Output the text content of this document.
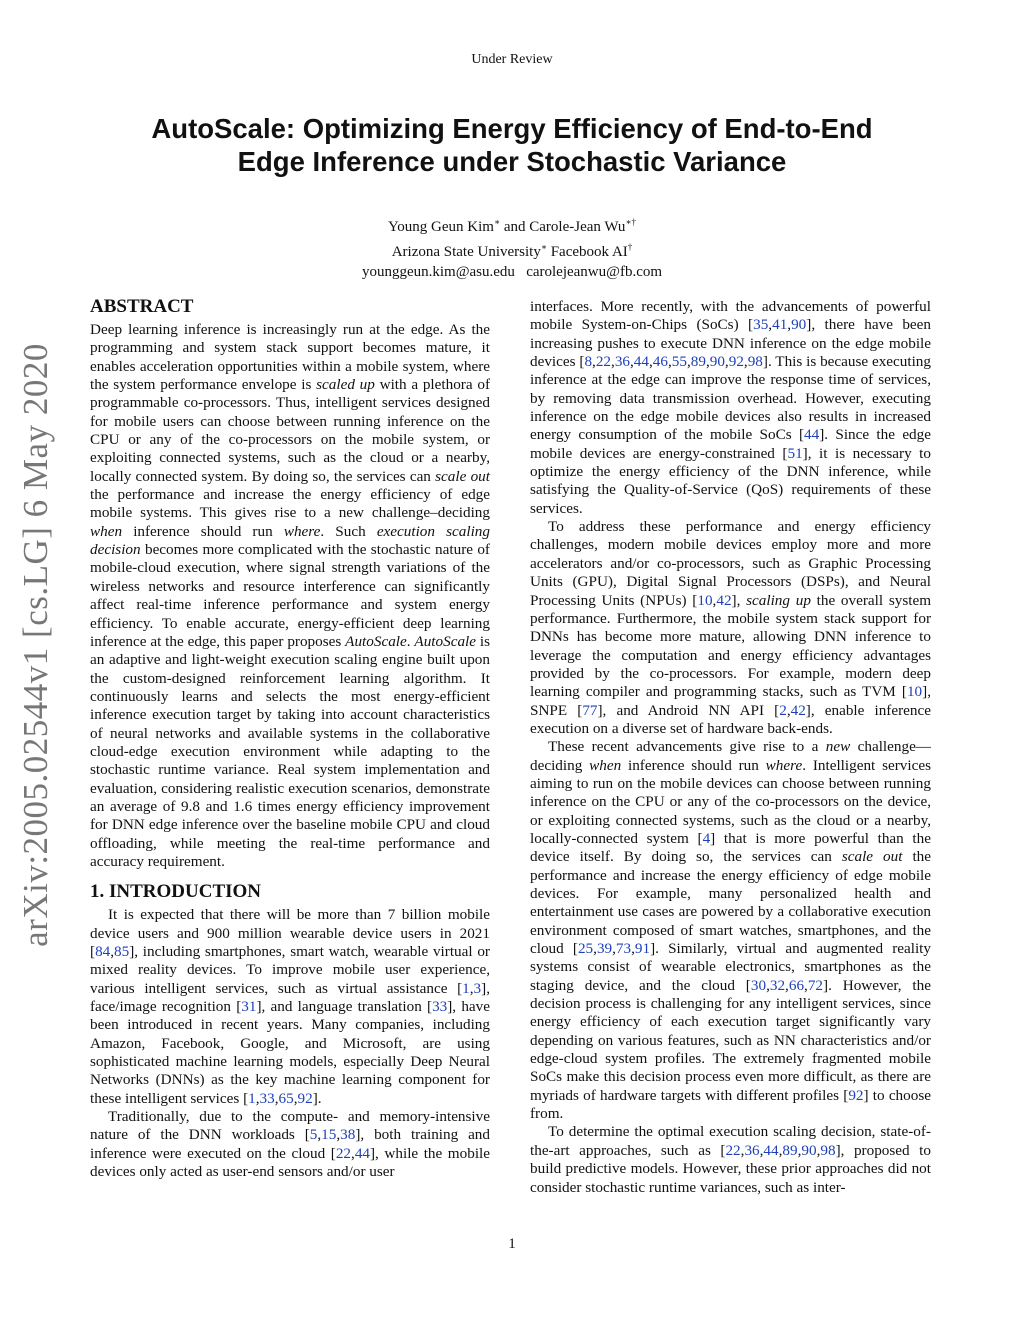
Under Review
AutoScale: Optimizing Energy Efficiency of End-to-End
Edge Inference under Stochastic Variance
Young Geun Kim∗ and Carole-Jean Wu∗†
Arizona State University∗ Facebook AI†
younggeun.kim@asu.edu carolejeanwu@fb.com
arXiv:2005.02544v1 [cs.LG] 6 May 2020
ABSTRACT

Deep learning inference is increasingly run at the edge. As the programming and system stack support becomes mature, it enables acceleration opportunities within a mobile system, where the system performance envelope is scaled up with a plethora of programmable co-processors. Thus, intelligent services designed for mobile users can choose between running inference on the CPU or any of the co-processors on the mobile system, or exploiting connected systems, such as the cloud or a nearby, locally connected system. By doing so, the services can scale out the performance and increase the energy efficiency of edge mobile systems. This gives rise to a new challenge–deciding when inference should run where. Such execution scaling decision becomes more complicated with the stochastic nature of mobile-cloud execution, where signal strength variations of the wireless networks and resource interference can significantly affect real-time inference performance and system energy efficiency. To enable accurate, energy-efficient deep learning inference at the edge, this paper proposes AutoScale. AutoScale is an adaptive and light-weight execution scaling engine built upon the custom-designed reinforcement learning algorithm. It continuously learns and selects the most energy-efficient inference execution target by taking into account characteristics of neural networks and available systems in the collaborative cloud-edge execution environment while adapting to the stochastic runtime variance. Real system implementation and evaluation, considering realistic execution scenarios, demonstrate an average of 9.8 and 1.6 times energy efficiency improvement for DNN edge inference over the baseline mobile CPU and cloud offloading, while meeting the real-time performance and accuracy requirement.

1. INTRODUCTION

It is expected that there will be more than 7 billion mobile device users and 900 million wearable device users in 2021 [84,85], including smartphones, smart watch, wearable virtual or mixed reality devices. To improve mobile user experience, various intelligent services, such as virtual assistance [1,3], face/image recognition [31], and language translation [33], have been introduced in recent years. Many companies, including Amazon, Facebook, Google, and Microsoft, are using sophisticated machine learning models, especially Deep Neural Networks (DNNs) as the key machine learning component for these intelligent services [1,33,65,92].

Traditionally, due to the compute- and memory-intensive nature of the DNN workloads [5,15,38], both training and inference were executed on the cloud [22,44], while the mobile devices only acted as user-end sensors and/or user

interfaces. More recently, with the advancements of powerful mobile System-on-Chips (SoCs) [35,41,90], there have been increasing pushes to execute DNN inference on the edge mobile devices [8,22,36,44,46,55,89,90,92,98]. This is because executing inference at the edge can improve the response time of services, by removing data transmission overhead. However, executing inference on the edge mobile devices also results in increased energy consumption of the mobile SoCs [44]. Since the edge mobile devices are energy-constrained [51], it is necessary to optimize the energy efficiency of the DNN inference, while satisfying the Quality-of-Service (QoS) requirements of these services.

To address these performance and energy efficiency challenges, modern mobile devices employ more and more accelerators and/or co-processors, such as Graphic Processing Units (GPU), Digital Signal Processors (DSPs), and Neural Processing Units (NPUs) [10,42], scaling up the overall system performance. Furthermore, the mobile system stack support for DNNs has become more mature, allowing DNN inference to leverage the computation and energy efficiency advantages provided by the co-processors. For example, modern deep learning compiler and programming stacks, such as TVM [10], SNPE [77], and Android NN API [2,42], enable inference execution on a diverse set of hardware back-ends.

These recent advancements give rise to a new challenge—deciding when inference should run where. Intelligent services aiming to run on the mobile devices can choose between running inference on the CPU or any of the co-processors on the device, or exploiting connected systems, such as the cloud or a nearby, locally-connected system [4] that is more powerful than the device itself. By doing so, the services can scale out the performance and increase the energy efficiency of edge mobile devices. For example, many personalized health and entertainment use cases are powered by a collaborative execution environment composed of smart watches, smartphones, and the cloud [25,39,73,91]. Similarly, virtual and augmented reality systems consist of wearable electronics, smartphones as the staging device, and the cloud [30,32,66,72]. However, the decision process is challenging for any intelligent services, since energy efficiency of each execution target significantly vary depending on various features, such as NN characteristics and/or edge-cloud system profiles. The extremely fragmented mobile SoCs make this decision process even more difficult, as there are myriads of hardware targets with different profiles [92] to choose from.

To determine the optimal execution scaling decision, state-of-the-art approaches, such as [22,36,44,89,90,98], proposed to build predictive models. However, these prior approaches did not consider stochastic runtime variances, such as inter-

1
